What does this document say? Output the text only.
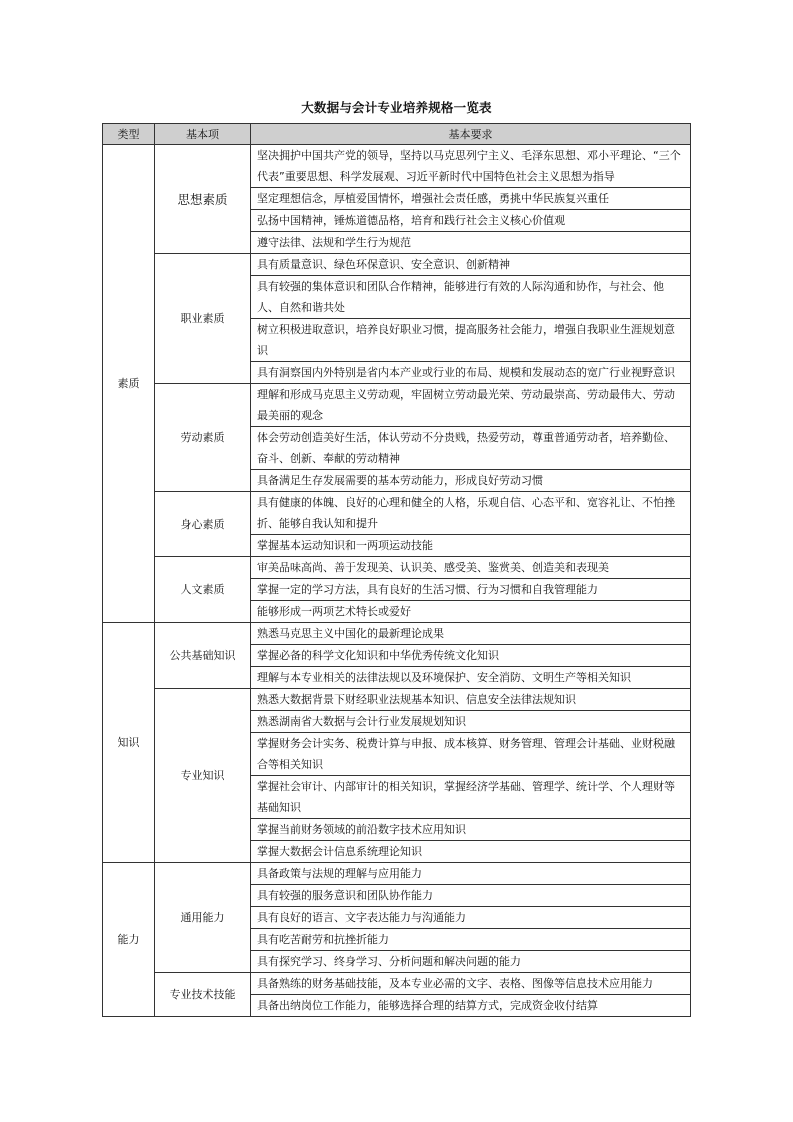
大数据与会计专业培养规格一览表
类型	基本项	基本要求
素质	思想素质	坚决拥护中国共产党的领导，坚持以马克思列宁主义、毛泽东思想、邓小平理论、“三个代表”重要思想、科学发展观、习近平新时代中国特色社会主义思想为指导
		坚定理想信念，厚植爱国情怀，增强社会责任感，勇挑中华民族复兴重任
		弘扬中国精神，锤炼道德品格，培育和践行社会主义核心价值观
		遵守法律、法规和学生行为规范
	职业素质	具有质量意识、绿色环保意识、安全意识、创新精神
		具有较强的集体意识和团队合作精神，能够进行有效的人际沟通和协作，与社会、他人、自然和谐共处
		树立积极进取意识，培养良好职业习惯，提高服务社会能力，增强自我职业生涯规划意识
		具有洞察国内外特别是省内本产业或行业的布局、规模和发展动态的宽广行业视野意识
	劳动素质	理解和形成马克思主义劳动观，牢固树立劳动最光荣、劳动最崇高、劳动最伟大、劳动最美丽的观念
		体会劳动创造美好生活，体认劳动不分贵贱，热爱劳动，尊重普通劳动者，培养勤俭、奋斗、创新、奉献的劳动精神
		具备满足生存发展需要的基本劳动能力，形成良好劳动习惯
	身心素质	具有健康的体魄、良好的心理和健全的人格，乐观自信、心态平和、宽容礼让、不怕挫折、能够自我认知和提升
		掌握基本运动知识和一两项运动技能
	人文素质	审美品味高尚、善于发现美、认识美、感受美、鉴赏美、创造美和表现美
		掌握一定的学习方法，具有良好的生活习惯、行为习惯和自我管理能力
		能够形成一两项艺术特长或爱好
知识	公共基础知识	熟悉马克思主义中国化的最新理论成果
		掌握必备的科学文化知识和中华优秀传统文化知识
		理解与本专业相关的法律法规以及环境保护、安全消防、文明生产等相关知识
	专业知识	熟悉大数据背景下财经职业法规基本知识、信息安全法律法规知识
		熟悉湖南省大数据与会计行业发展规划知识
		掌握财务会计实务、税费计算与申报、成本核算、财务管理、管理会计基础、业财税融合等相关知识
		掌握社会审计、内部审计的相关知识，掌握经济学基础、管理学、统计学、个人理财等基础知识
		掌握当前财务领域的前沿数字技术应用知识
		掌握大数据会计信息系统理论知识
能力	通用能力	具备政策与法规的理解与应用能力
		具有较强的服务意识和团队协作能力
		具有良好的语言、文字表达能力与沟通能力
		具有吃苦耐劳和抗挫折能力
		具有探究学习、终身学习、分析问题和解决问题的能力
	专业技术技能	具备熟练的财务基础技能，及本专业必需的文字、表格、图像等信息技术应用能力
		具备出纳岗位工作能力，能够选择合理的结算方式，完成资金收付结算
